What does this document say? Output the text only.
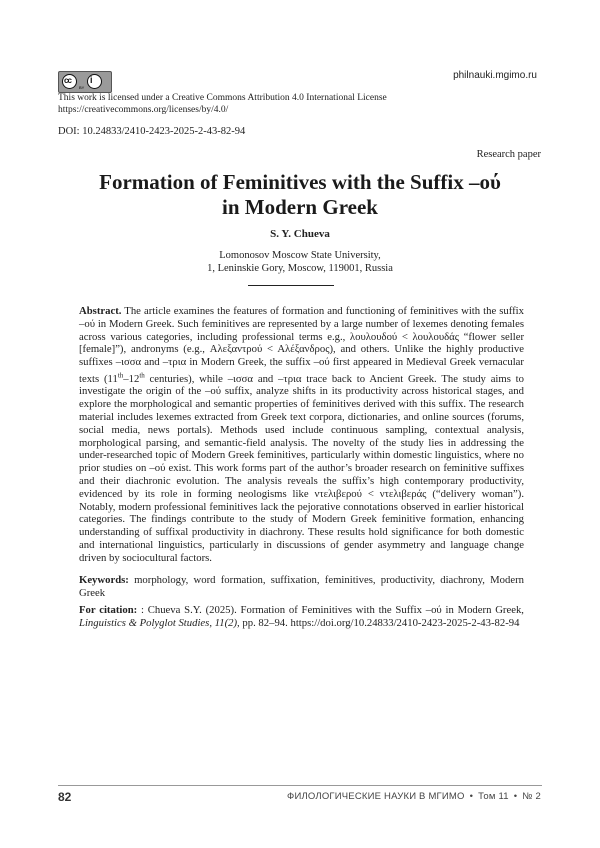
cc i
BY
philnauki.mgimo.ru
This work is licensed under a Creative Commons Attribution 4.0 International License
https://creativecommons.org/licenses/by/4.0/
DOI: 10.24833/2410-2423-2025-2-43-82-94
Research paper
Formation of Feminitives with the Suffix –ού
in Modern Greek
S. Y. Chueva
Lomonosov Moscow State University,
1, Leninskie Gory, Moscow, 119001, Russia
Abstract. The article examines the features of formation and functioning of feminitives with the suffix –ού in Modern Greek. Such feminitives are represented by a large number of lexemes denoting females across various categories, including professional terms e.g., λουλουδού < λουλουδάς “flower seller [female]”), andronyms (e.g., Αλεξαντρού < Αλέξανδρος), and others. Unlike the highly productive suffixes –ισσα and –τρια in Modern Greek, the suffix –ού first appeared in Medieval Greek vernacular texts (11th–12th centuries), while –ισσα and –τρια trace back to Ancient Greek. The study aims to investigate the origin of the –ού suffix, analyze shifts in its productivity across historical stages, and explore the morphological and semantic properties of feminitives derived with this suffix. The research material includes lexemes extracted from Greek text corpora, dictionaries, and online sources (forums, social media, news portals). Methods used include continuous sampling, contextual analysis, morphological parsing, and semantic-field analysis. The novelty of the study lies in addressing the under-researched topic of Modern Greek feminitives, particularly within domestic linguistics, where no prior studies on –ού exist. This work forms part of the author’s broader research on feminitive suffixes and their diachronic evolution. The analysis reveals the suffix’s high contemporary productivity, evidenced by its role in forming neologisms like ντελιβερού < ντελιβεράς (“delivery woman”). Notably, modern professional feminitives lack the pejorative connotations observed in earlier historical categories. The findings contribute to the study of Modern Greek feminitive formation, enhancing understanding of suffixal productivity in diachrony. These results hold significance for both domestic and international linguistics, particularly in discussions of gender asymmetry and language change driven by sociocultural factors.
Keywords: morphology, word formation, suffixation, feminitives, productivity, diachrony, Modern Greek
For citation: : Chueva S.Y. (2025). Formation of Feminitives with the Suffix –ού in Modern Greek, Linguistics & Polyglot Studies, 11(2), pp. 82–94. https://doi.org/10.24833/2410-2423-2025-2-43-82-94
82	ФИЛОЛОГИЧЕСКИЕ НАУКИ В МГИМО • Том 11 • № 2
